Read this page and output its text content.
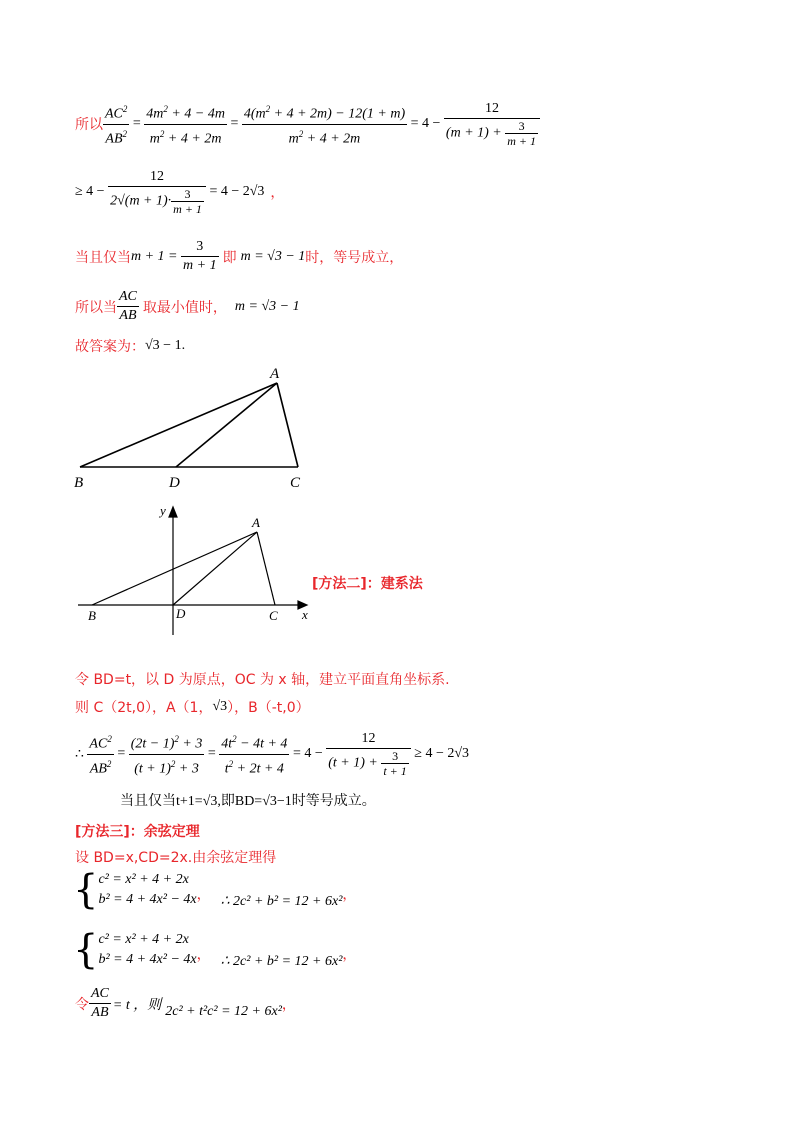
所以 $\frac{AC^2}{AB^2} = \frac{4m^2 + 4 - 4m}{m^2 + 4 + 2m} = \frac{4(m^2 + 4 + 2m) - 12(1 + m)}{m^2 + 4 + 2m} = 4 - \frac{12}{(m + 1) + \frac{3}{m + 1}}$
≥ $4 - \frac{12}{2√(m + 1)\cdot \frac{3}{m + 1}} = 4 - 2√3$ ，
当且仅当 $m + 1 = \frac{3}{m + 1}$ 即 m = √3 − 1 时，等号成立，
所以当 $\frac{AC}{AB}$ 取最小值时， m = √3 − 1
故答案为： √3 − 1 .
A
B	D	C
A
B	D	C x
y
[方法二]：建系法
令 BD=t，以 D 为原点，OC 为 x 轴，建立平面直角坐标系.
则 C（2t,0），A（1， √3 ），B（-t,0）
∴ $\frac{AC^2}{AB^2} = \frac{(2t - 1)^2 + 3}{(t + 1)^2 + 3} = \frac{4t^2 - 4t + 4}{t^2 + 2t + 4} = 4 - \frac{12}{(t + 1) + \frac{3}{t + 1}} \ge 4 - 2√3$
当且仅当t+1=√3,即BD=√3−1时等号成立。
[方法三]：余弦定理
设 BD=x,CD=2x.由余弦定理得
{ c² = x² + 4 + 2x
b² = 4 + 4x² − 4x ， ∴ 2c² + b² = 12 + 6x² ，
{ c² = x² + 4 + 2x
b² = 4 + 4x² − 4x ， ∴ 2c² + b² = 12 + 6x² ，
令 $\frac{AC}{AB} = t$ ，则 2c² + t²c² = 12 + 6x² ，
